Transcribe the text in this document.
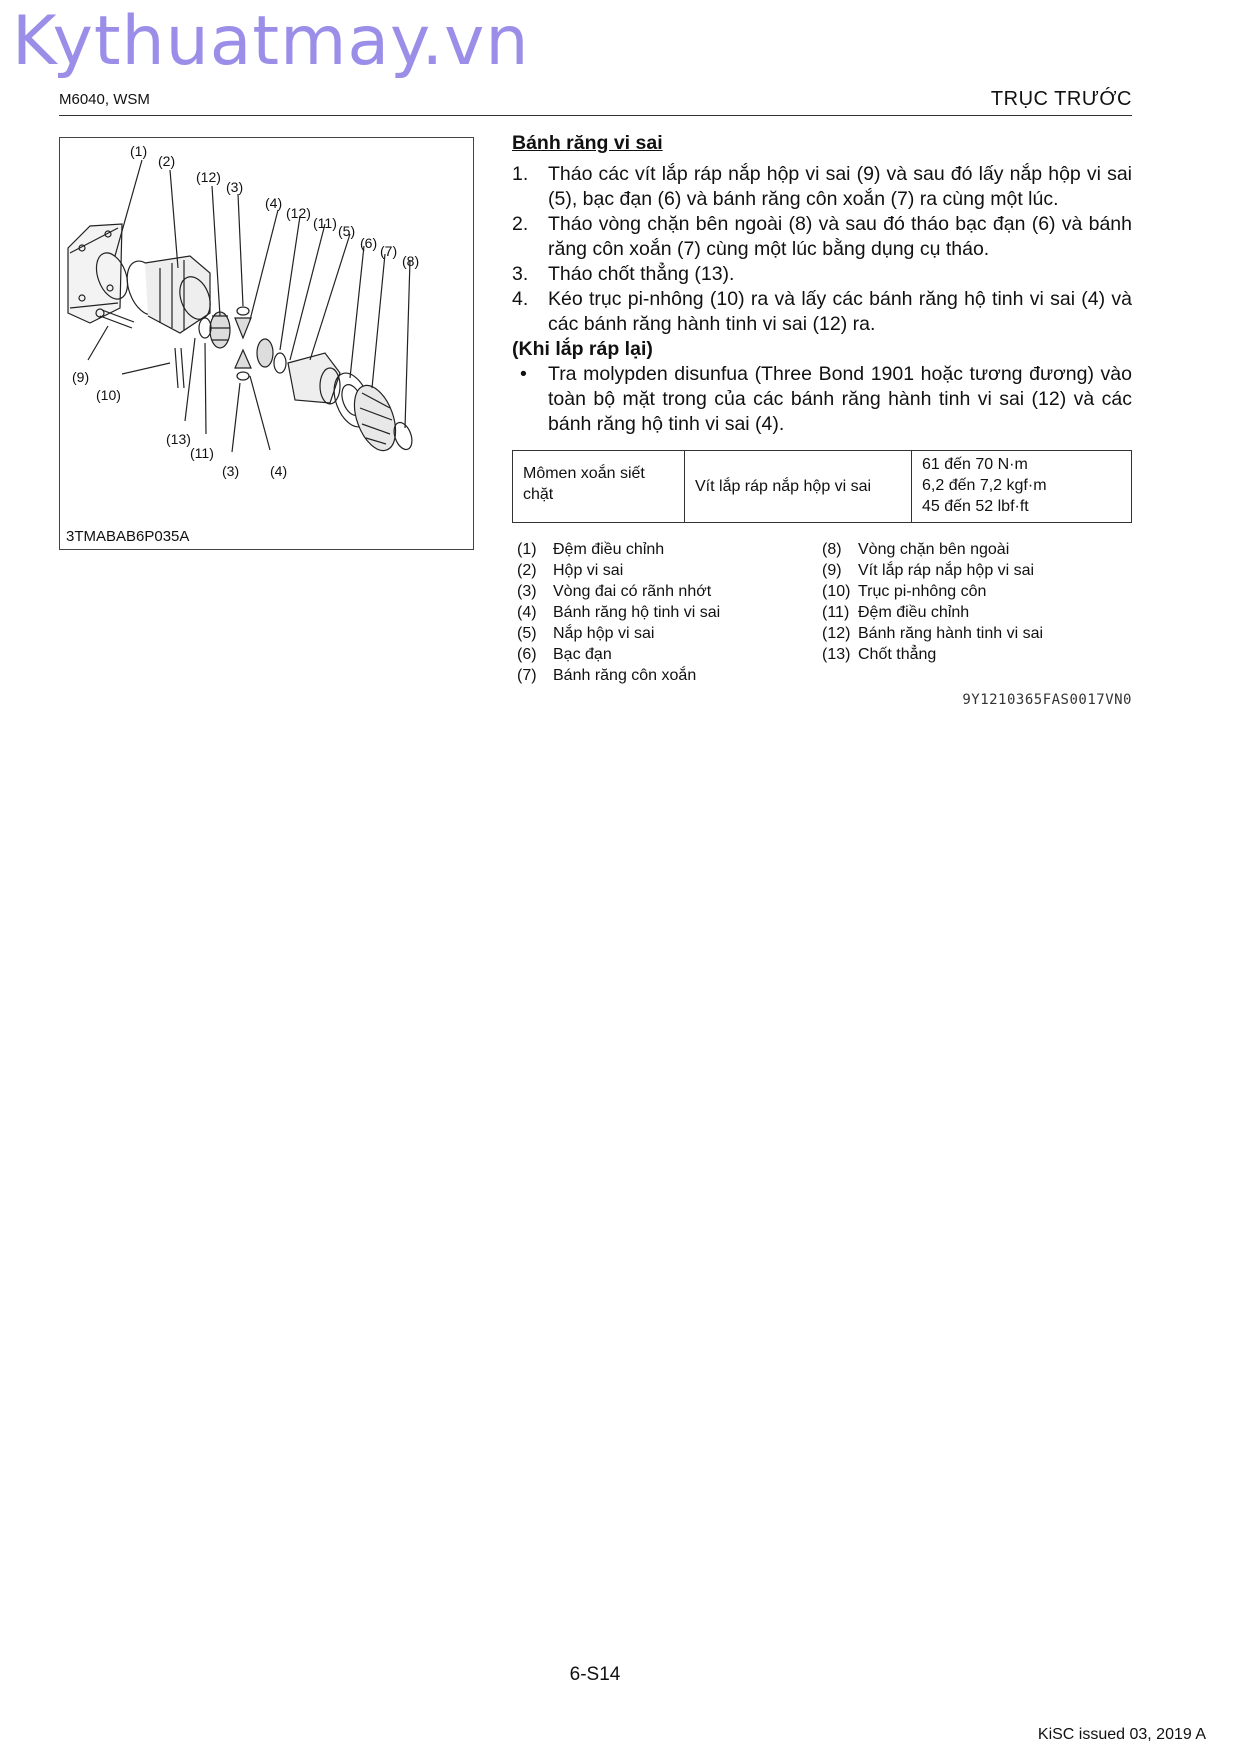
Kythuatmay.vn
M6040, WSM	TRỤC TRƯỚC
(1)
(2)
(12)
(3)
(4)
(12)
(11) (5)
(6) (7)
(8)
(9)
(10)
(13)
(11)
(3) (4)
3TMABAB6P035A
Bánh răng vi sai
1. Tháo các vít lắp ráp nắp hộp vi sai (9) và sau đó lấy nắp hộp vi sai (5), bạc đạn (6) và bánh răng côn xoắn (7) ra cùng một lúc.
2. Tháo vòng chặn bên ngoài (8) và sau đó tháo bạc đạn (6) và bánh răng côn xoắn (7) cùng một lúc bằng dụng cụ tháo.
3. Tháo chốt thẳng (13).
4. Kéo trục pi-nhông (10) ra và lấy các bánh răng hộ tinh vi sai (4) và các bánh răng hành tinh vi sai (12) ra.
(Khi lắp ráp lại)
• Tra molypden disunfua (Three Bond 1901 hoặc tương đương) vào toàn bộ mặt trong của các bánh răng hành tinh vi sai (12) và các bánh răng hộ tinh vi sai (4).
Mômen xoắn siết chặt	Vít lắp ráp nắp hộp vi sai
61 đến 70 N·m
6,2 đến 7,2 kgf·m
45 đến 52 lbf·ft
(1)	Đệm điều chỉnh
(2)	Hộp vi sai
(3)	Vòng đai có rãnh nhớt
(4)	Bánh răng hộ tinh vi sai
(5)	Nắp hộp vi sai
(6)	Bạc đạn
(7)	Bánh răng côn xoắn
(8)	Vòng chặn bên ngoài
(9)	Vít lắp ráp nắp hộp vi sai
(10) Trục pi-nhông côn
(11) Đệm điều chỉnh
(12) Bánh răng hành tinh vi sai
(13) Chốt thẳng
9Y1210365FAS0017VN0
6-S14
KiSC issued 03, 2019 A
